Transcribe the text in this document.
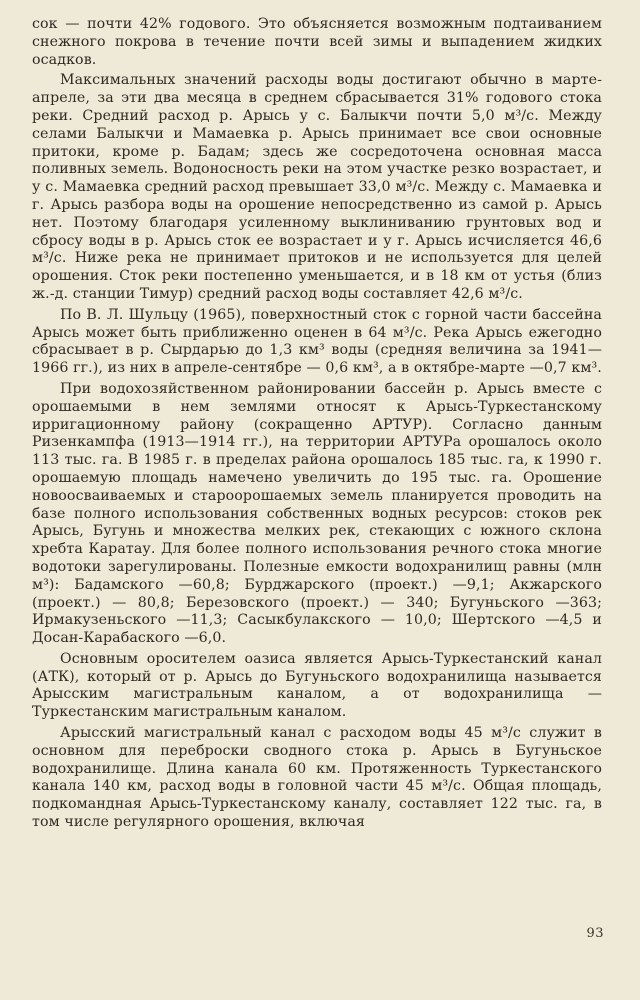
сок — почти 42% годового. Это объясняется возможным подтаиванием снежного покрова в течение почти всей зимы и выпадением жидких осадков.

Максимальных значений расходы воды достигают обычно в марте-апреле, за эти два месяца в среднем сбрасывается 31% годового стока реки. Средний расход р. Арысь у с. Балыкчи почти 5,0 м³/с. Между селами Балыкчи и Мамаевка р. Арысь принимает все свои основные притоки, кроме р. Бадам; здесь же сосредоточена основная масса поливных земель. Водоносность реки на этом участке резко возрастает, и у с. Мамаевка средний расход превышает 33,0 м³/с. Между с. Мамаевка и г. Арысь разбора воды на орошение непосредственно из самой р. Арысь нет. Поэтому благодаря усиленному выклиниванию грунтовых вод и сбросу воды в р. Арысь сток ее возрастает и у г. Арысь исчисляется 46,6 м³/с. Ниже река не принимает притоков и не используется для целей орошения. Сток реки постепенно уменьшается, и в 18 км от устья (близ ж.-д. станции Тимур) средний расход воды составляет 42,6 м³/с.

По В. Л. Шульцу (1965), поверхностный сток с горной части бассейна Арысь может быть приближенно оценен в 64 м³/с. Река Арысь ежегодно сбрасывает в р. Сырдарью до 1,3 км³ воды (средняя величина за 1941—1966 гг.), из них в апреле-сентябре — 0,6 км³, а в октябре-марте —0,7 км³.

При водохозяйственном районировании бассейн р. Арысь вместе с орошаемыми в нем землями относят к Арысь-Туркестанскому ирригационному району (сокращенно АРТУР). Согласно данным Ризенкампфа (1913—1914 гг.), на территории АРТУРа орошалось около 113 тыс. га. В 1985 г. в пределах района орошалось 185 тыс. га, к 1990 г. орошаемую площадь намечено увеличить до 195 тыс. га. Орошение новоосваиваемых и староорошаемых земель планируется проводить на базе полного использования собственных водных ресурсов: стоков рек Арысь, Бугунь и множества мелких рек, стекающих с южного склона хребта Каратау. Для более полного использования речного стока многие водотоки зарегулированы. Полезные емкости водохранилищ равны (млн м³): Бадамского —60,8; Бурджарского (проект.) —9,1; Акжарского (проект.) — 80,8; Березовского (проект.) — 340; Бугуньского —363; Ирмакузеньского —11,3; Сасыкбулакского — 10,0; Шертского —4,5 и Досан-Карабаского —6,0.

Основным оросителем оазиса является Арысь-Туркестанский канал (АТК), который от р. Арысь до Бугуньского водохранилища называется Арысским магистральным каналом, а от водохранилища — Туркестанским магистральным каналом.

Арысский магистральный канал с расходом воды 45 м³/с служит в основном для переброски сводного стока р. Арысь в Бугуньское водохранилище. Длина канала 60 км. Протяженность Туркестанского канала 140 км, расход воды в головной части 45 м³/с. Общая площадь, подкомандная Арысь-Туркестанскому каналу, составляет 122 тыс. га, в том числе регулярного орошения, включая

93
